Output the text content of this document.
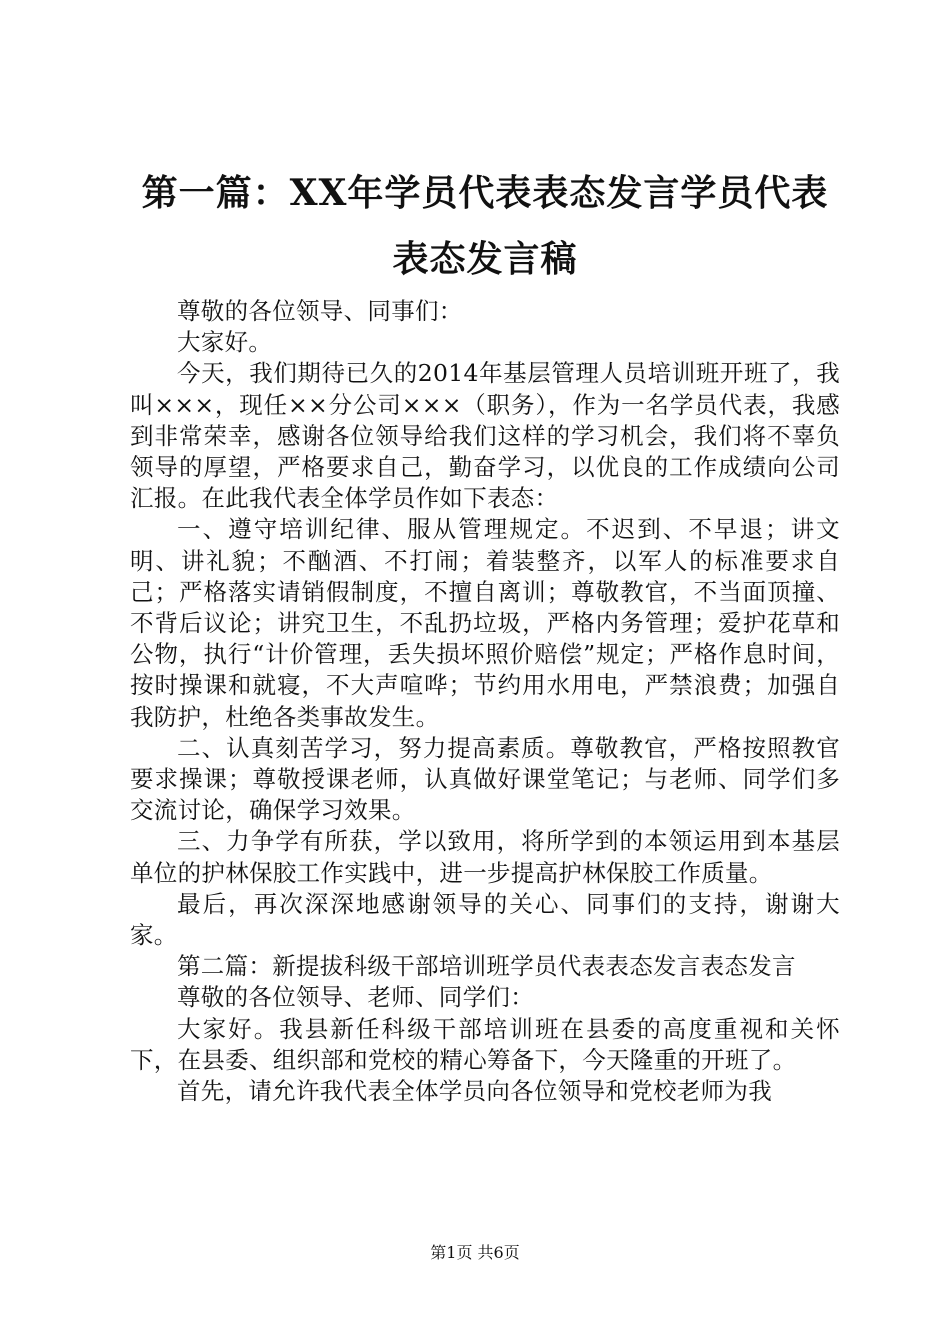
第一篇：XX年学员代表表态发言学员代表表态发言稿

尊敬的各位领导、同事们：

大家好。

今天，我们期待已久的2014年基层管理人员培训班开班了，我叫×××，现任××分公司×××（职务），作为一名学员代表，我感到非常荣幸，感谢各位领导给我们这样的学习机会，我们将不辜负领导的厚望，严格要求自己，勤奋学习，以优良的工作成绩向公司汇报。在此我代表全体学员作如下表态：

一、遵守培训纪律、服从管理规定。不迟到、不早退；讲文明、讲礼貌；不酗酒、不打闹；着装整齐，以军人的标准要求自己；严格落实请销假制度，不擅自离训；尊敬教官，不当面顶撞、不背后议论；讲究卫生，不乱扔垃圾，严格内务管理；爱护花草和公物，执行“计价管理，丢失损坏照价赔偿”规定；严格作息时间，按时操课和就寝，不大声喧哗；节约用水用电，严禁浪费；加强自我防护，杜绝各类事故发生。

二、认真刻苦学习，努力提高素质。尊敬教官，严格按照教官要求操课；尊敬授课老师，认真做好课堂笔记；与老师、同学们多交流讨论，确保学习效果。

三、力争学有所获，学以致用，将所学到的本领运用到本基层单位的护林保胶工作实践中，进一步提高护林保胶工作质量。

最后，再次深深地感谢领导的关心、同事们的支持，谢谢大家。

第二篇：新提拔科级干部培训班学员代表表态发言表态发言

尊敬的各位领导、老师、同学们：

大家好。我县新任科级干部培训班在县委的高度重视和关怀下，在县委、组织部和党校的精心筹备下，今天隆重的开班了。

首先，请允许我代表全体学员向各位领导和党校老师为我

第1页 共6页
